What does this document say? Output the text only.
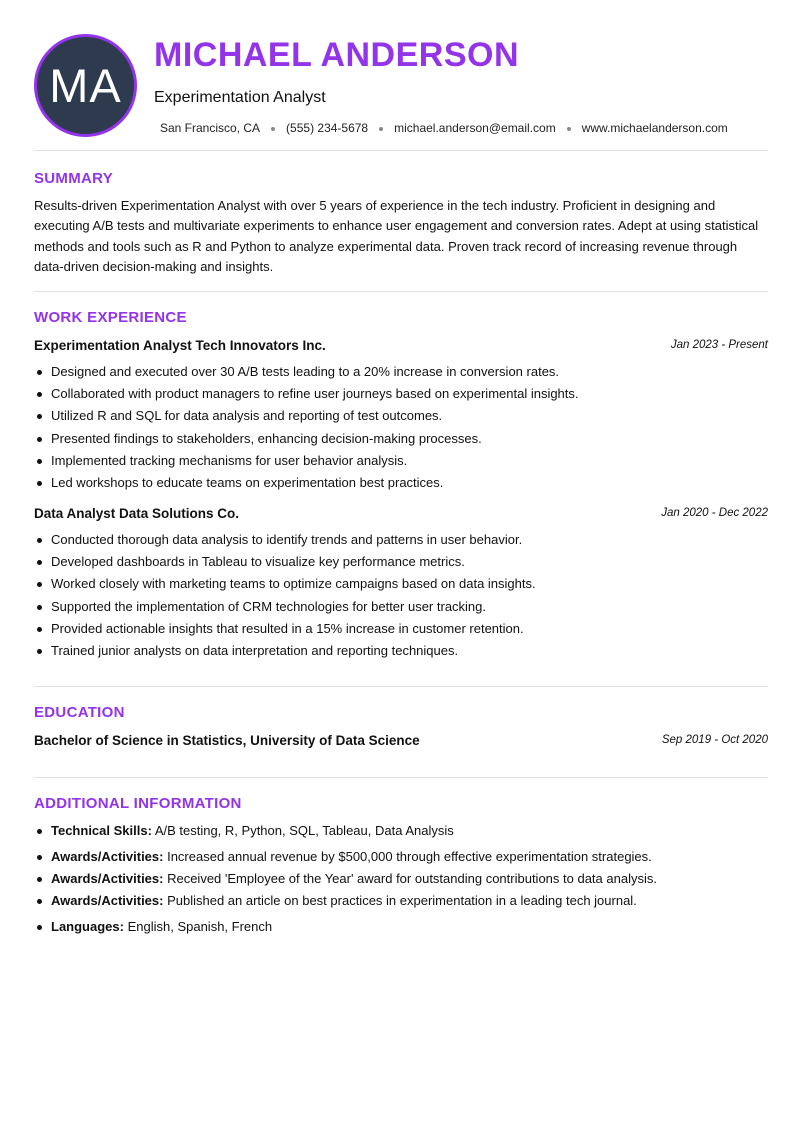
MA
MICHAEL ANDERSON
Experimentation Analyst
San Francisco, CA (555) 234-5678 michael.anderson@email.com www.michaelanderson.com
SUMMARY

Results-driven Experimentation Analyst with over 5 years of experience in the tech industry. Proficient in designing and executing A/B tests and multivariate experiments to enhance user engagement and conversion rates. Adept at using statistical methods and tools such as R and Python to analyze experimental data. Proven track record of increasing revenue through data-driven decision-making and insights.

WORK EXPERIENCE
Experimentation Analyst Tech Innovators Inc.	Jan 2023 - Present
Designed and executed over 30 A/B tests leading to a 20% increase in conversion rates.
Collaborated with product managers to refine user journeys based on experimental insights.
Utilized R and SQL for data analysis and reporting of test outcomes.
Presented findings to stakeholders, enhancing decision-making processes.
Implemented tracking mechanisms for user behavior analysis.
Led workshops to educate teams on experimentation best practices.
Data Analyst Data Solutions Co.	Jan 2020 - Dec 2022
Conducted thorough data analysis to identify trends and patterns in user behavior.
Developed dashboards in Tableau to visualize key performance metrics.
Worked closely with marketing teams to optimize campaigns based on data insights.
Supported the implementation of CRM technologies for better user tracking.
Provided actionable insights that resulted in a 15% increase in customer retention.
Trained junior analysts on data interpretation and reporting techniques.
EDUCATION
Bachelor of Science in Statistics, University of Data Science	Sep 2019 - Oct 2020
ADDITIONAL INFORMATION
Technical Skills: A/B testing, R, Python, SQL, Tableau, Data Analysis
Awards/Activities: Increased annual revenue by $500,000 through effective experimentation strategies.
Awards/Activities: Received 'Employee of the Year' award for outstanding contributions to data analysis.
Awards/Activities: Published an article on best practices in experimentation in a leading tech journal.
Languages: English, Spanish, French
